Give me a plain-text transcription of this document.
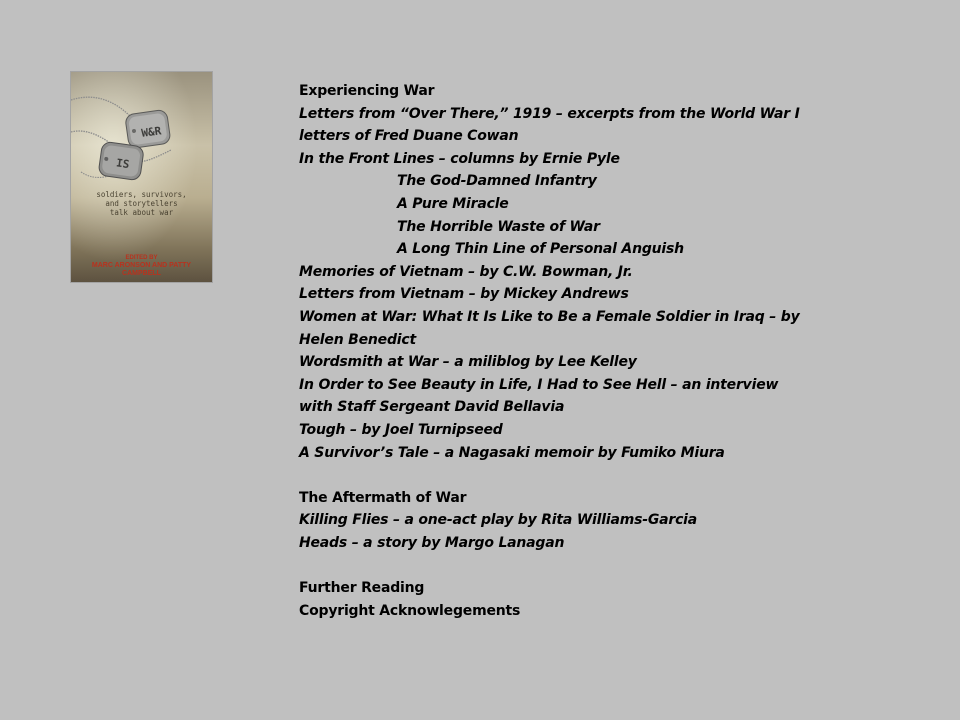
W&R
IS
soldiers, survivors,
and storytellers
talk about war
EDITED BY
MARC ARONSON AND PATTY CAMPBELL
Experiencing War
Letters from “Over There,” 1919 – excerpts from the World War I
letters of Fred Duane Cowan
In the Front Lines – columns by Ernie Pyle
The God-Damned Infantry
A Pure Miracle
The Horrible Waste of War
A Long Thin Line of Personal Anguish
Memories of Vietnam – by C.W. Bowman, Jr.
Letters from Vietnam – by Mickey Andrews
Women at War: What It Is Like to Be a Female Soldier in Iraq – by
Helen Benedict
Wordsmith at War – a miliblog by Lee Kelley
In Order to See Beauty in Life, I Had to See Hell – an interview
with Staff Sergeant David Bellavia
Tough – by Joel Turnipseed
A Survivor’s Tale – a Nagasaki memoir by Fumiko Miura
The Aftermath of War
Killing Flies – a one-act play by Rita Williams-Garcia
Heads – a story by Margo Lanagan
Further Reading
Copyright Acknowlegements
